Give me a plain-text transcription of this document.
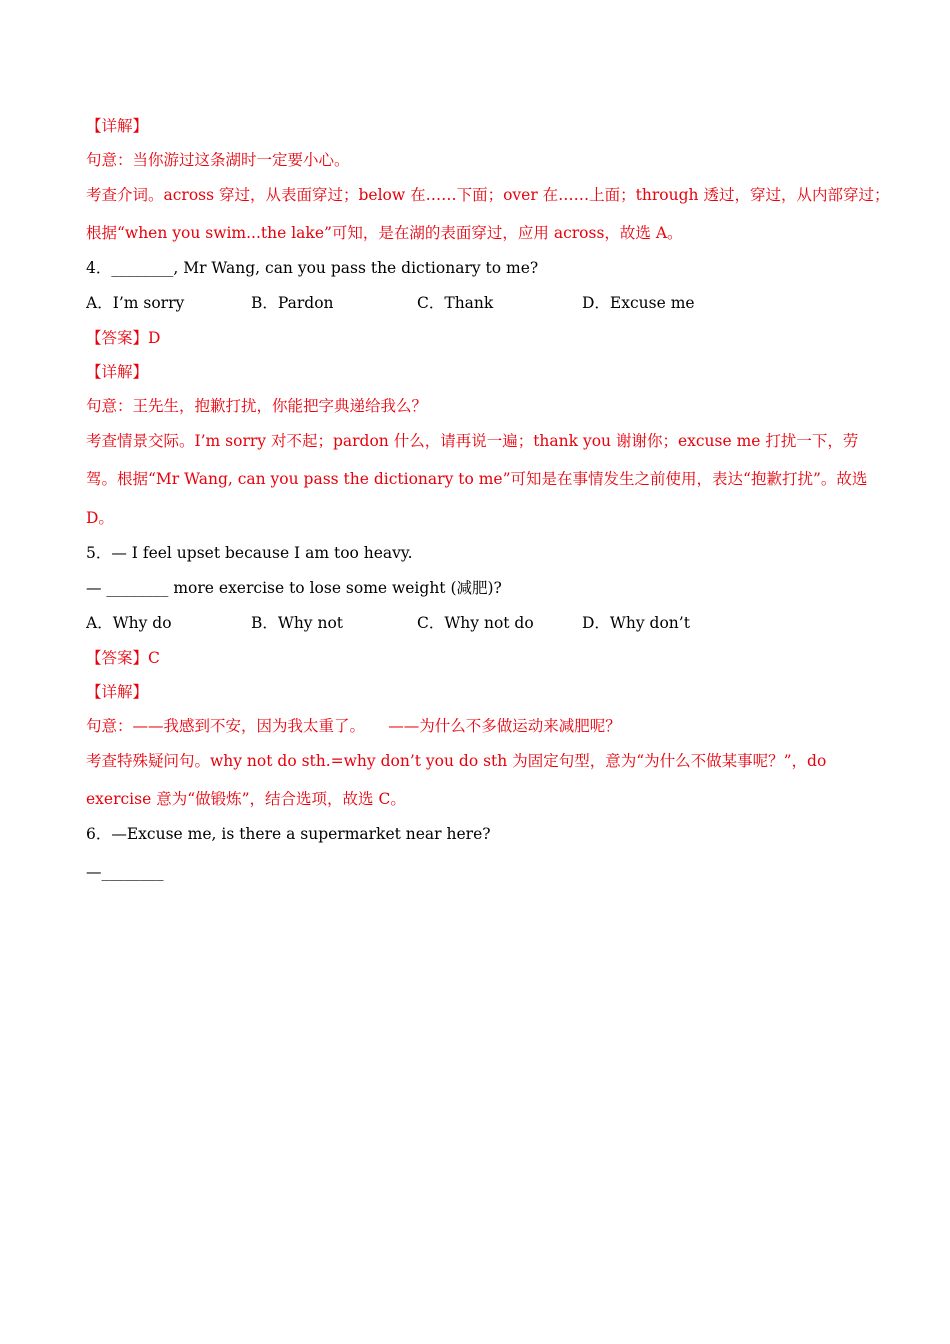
【详解】
句意：当你游过这条湖时一定要小心。
考查介词。across 穿过，从表面穿过；below 在……下面；over 在……上面；through 透过，穿过，从内部穿过；
根据“when you swim...the lake”可知，是在湖的表面穿过，应用 across，故选 A。
4．________, Mr Wang, can you pass the dictionary to me?
A．I’m sorry	B．Pardon	C．Thank	D．Excuse me
【答案】D
【详解】
句意：王先生，抱歉打扰，你能把字典递给我么？
考查情景交际。I’m sorry 对不起；pardon 什么，请再说一遍；thank you 谢谢你；excuse me 打扰一下，劳
驾。根据“Mr Wang, can you pass the dictionary to me”可知是在事情发生之前使用，表达“抱歉打扰”。故选
D。
5．— I feel upset because I am too heavy.
— ________ more exercise to lose some weight (减肥)?
A．Why do	B．Why not	C．Why not do	D．Why don’t
【答案】C
【详解】
句意：——我感到不安，因为我太重了。　　——为什么不多做运动来减肥呢？
考查特殊疑问句。why not do sth.=why don’t you do sth 为固定句型，意为“为什么不做某事呢？”，do
exercise 意为“做锻炼”，结合选项，故选 C。
6．—Excuse me, is there a supermarket near here?
—________
